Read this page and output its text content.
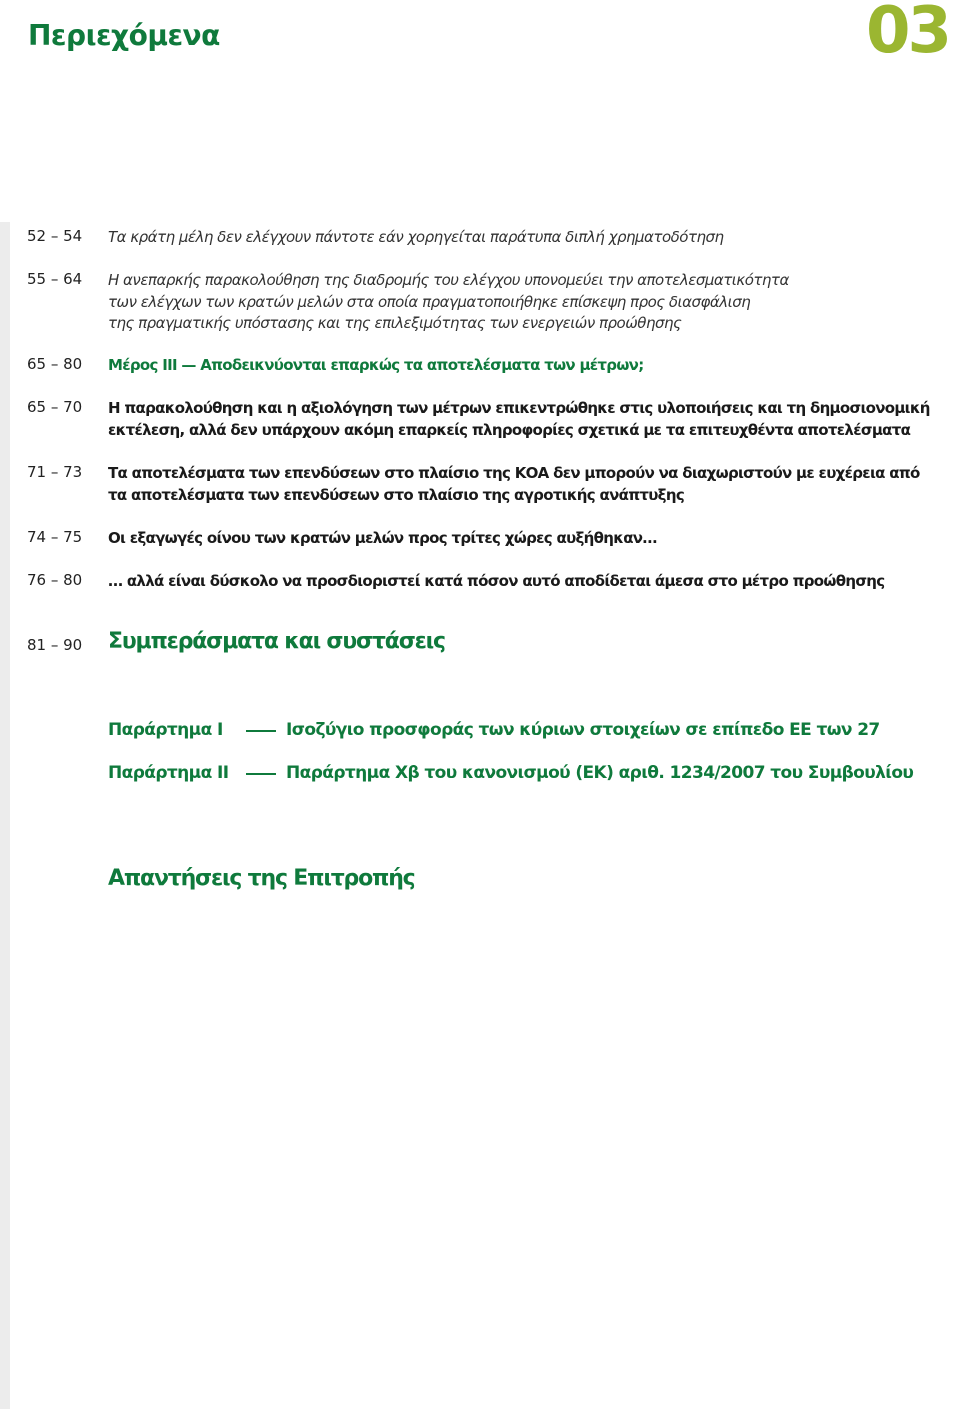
Περιεχόμενα	03
52 – 54 Τα κράτη μέλη δεν ελέγχουν πάντοτε εάν χορηγείται παράτυπα διπλή χρηματοδότηση
55 – 64 Η ανεπαρκής παρακολούθηση της διαδρομής του ελέγχου υπονομεύει την αποτελεσματικότητα
των ελέγχων των κρατών μελών στα οποία πραγματοποιήθηκε επίσκεψη προς διασφάλιση
της πραγματικής υπόστασης και της επιλεξιμότητας των ενεργειών προώθησης
65 – 80 Μέρος III — Αποδεικνύονται επαρκώς τα αποτελέσματα των μέτρων;
65 – 70 Η παρακολούθηση και η αξιολόγηση των μέτρων επικεντρώθηκε στις υλοποιήσεις και τη δημοσιονομική
εκτέλεση, αλλά δεν υπάρχουν ακόμη επαρκείς πληροφορίες σχετικά με τα επιτευχθέντα αποτελέσματα
71 – 73 Τα αποτελέσματα των επενδύσεων στο πλαίσιο της ΚΟΑ δεν μπορούν να διαχωριστούν με ευχέρεια από
τα αποτελέσματα των επενδύσεων στο πλαίσιο της αγροτικής ανάπτυξης
74 – 75 Οι εξαγωγές οίνου των κρατών μελών προς τρίτες χώρες αυξήθηκαν…
76 – 80 … αλλά είναι δύσκολο να προσδιοριστεί κατά πόσον αυτό αποδίδεται άμεσα στο μέτρο προώθησης
81 – 90 Συμπεράσματα και συστάσεις
Παράρτημα I	Ισοζύγιο προσφοράς των κύριων στοιχείων σε επίπεδο ΕΕ των 27
Παράρτημα II	Παράρτημα Χβ του κανονισμού (ΕΚ) αριθ. 1234/2007 του Συμβουλίου
Απαντήσεις της Επιτροπής
